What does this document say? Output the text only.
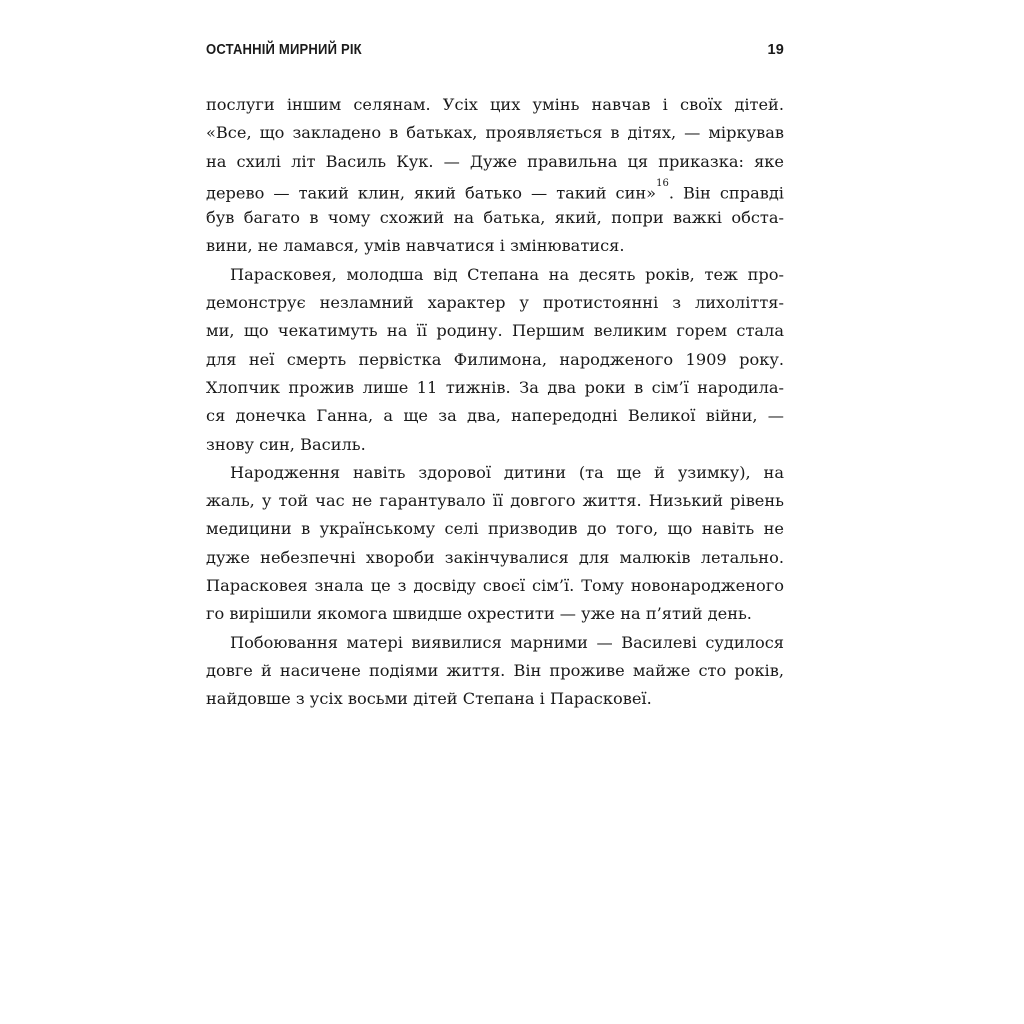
ОСТАННІЙ МИРНИЙ РІК	19
послуги іншим селянам. Усіх цих умінь навчав і своїх дітей.
«Все, що закладено в батьках, проявляється в дітях, — міркував
на схилі літ Василь Кук. — Дуже правильна ця приказка: яке
дерево — такий клин, який батько — такий син»$^{16}$. Він справді
був багато в чому схожий на батька, який, попри важкі обста-
вини, не ламався, умів навчатися і змінюватися.
Парасковея, молодша від Степана на десять років, теж про-
демонструє незламний характер у протистоянні з лихоліття-
ми, що чекатимуть на її родину. Першим великим горем стала
для неї смерть первістка Филимона, народженого 1909 року.
Хлопчик прожив лише 11 тижнів. За два роки в сім’ї народила-
ся донечка Ганна, а ще за два, напередодні Великої війни, —
знову син, Василь.
Народження навіть здорової дитини (та ще й узимку), на
жаль, у той час не гарантувало її довгого життя. Низький рівень
медицини в українському селі призводив до того, що навіть не
дуже небезпечні хвороби закінчувалися для малюків летально.
Парасковея знала це з досвіду своєї сім’ї. Тому новонародженого
го вирішили якомога швидше охрестити — уже на п’ятий день.
Побоювання матері виявилися марними — Василеві судилося
довге й насичене подіями життя. Він проживе майже сто років,
найдовше з усіх восьми дітей Степана і Парасковеї.
